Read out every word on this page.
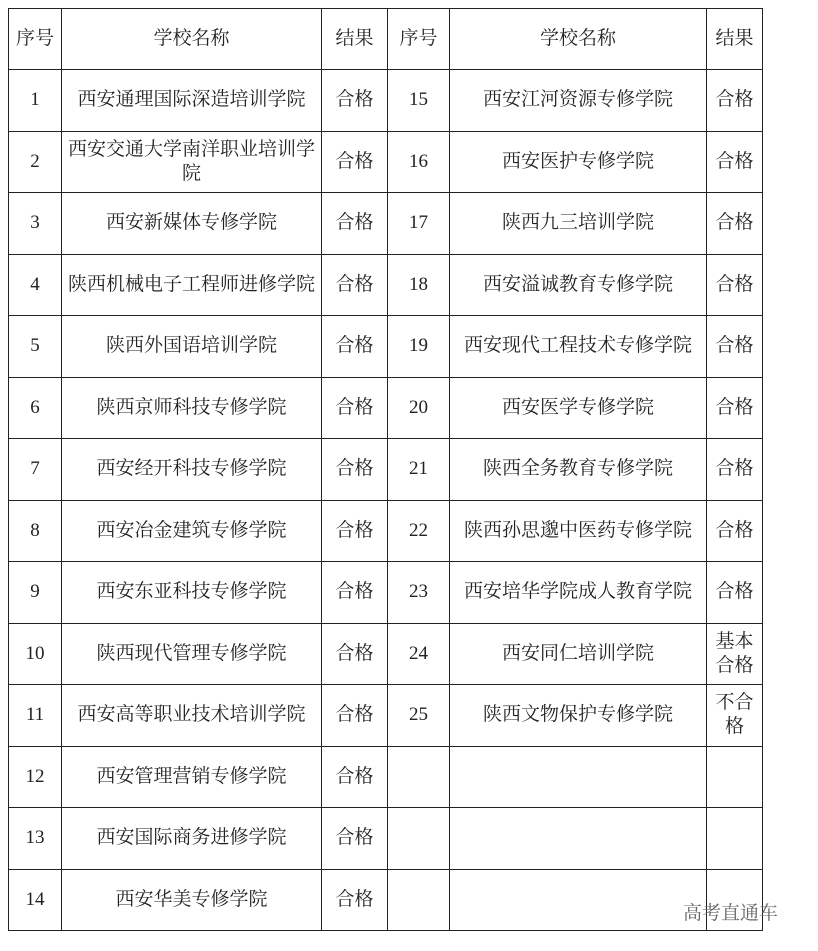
序号	学校名称	结果	序号	学校名称	结果
1	西安通理国际深造培训学院	合格	15	西安江河资源专修学院	合格
2	西安交通大学南洋职业培训学院	合格	16	西安医护专修学院	合格
3	西安新媒体专修学院	合格	17	陕西九三培训学院	合格
4	陕西机械电子工程师进修学院	合格	18	西安溢诚教育专修学院	合格
5	陕西外国语培训学院	合格	19	西安现代工程技术专修学院	合格
6	陕西京师科技专修学院	合格	20	西安医学专修学院	合格
7	西安经开科技专修学院	合格	21	陕西全务教育专修学院	合格
8	西安冶金建筑专修学院	合格	22	陕西孙思邈中医药专修学院	合格
9	西安东亚科技专修学院	合格	23	西安培华学院成人教育学院	合格
10	陕西现代管理专修学院	合格	24	西安同仁培训学院	基本合格
11	西安高等职业技术培训学院	合格	25	陕西文物保护专修学院	不合格
12	西安管理营销专修学院	合格			
13	西安国际商务进修学院	合格			
14	西安华美专修学院	合格			
高考直通车
